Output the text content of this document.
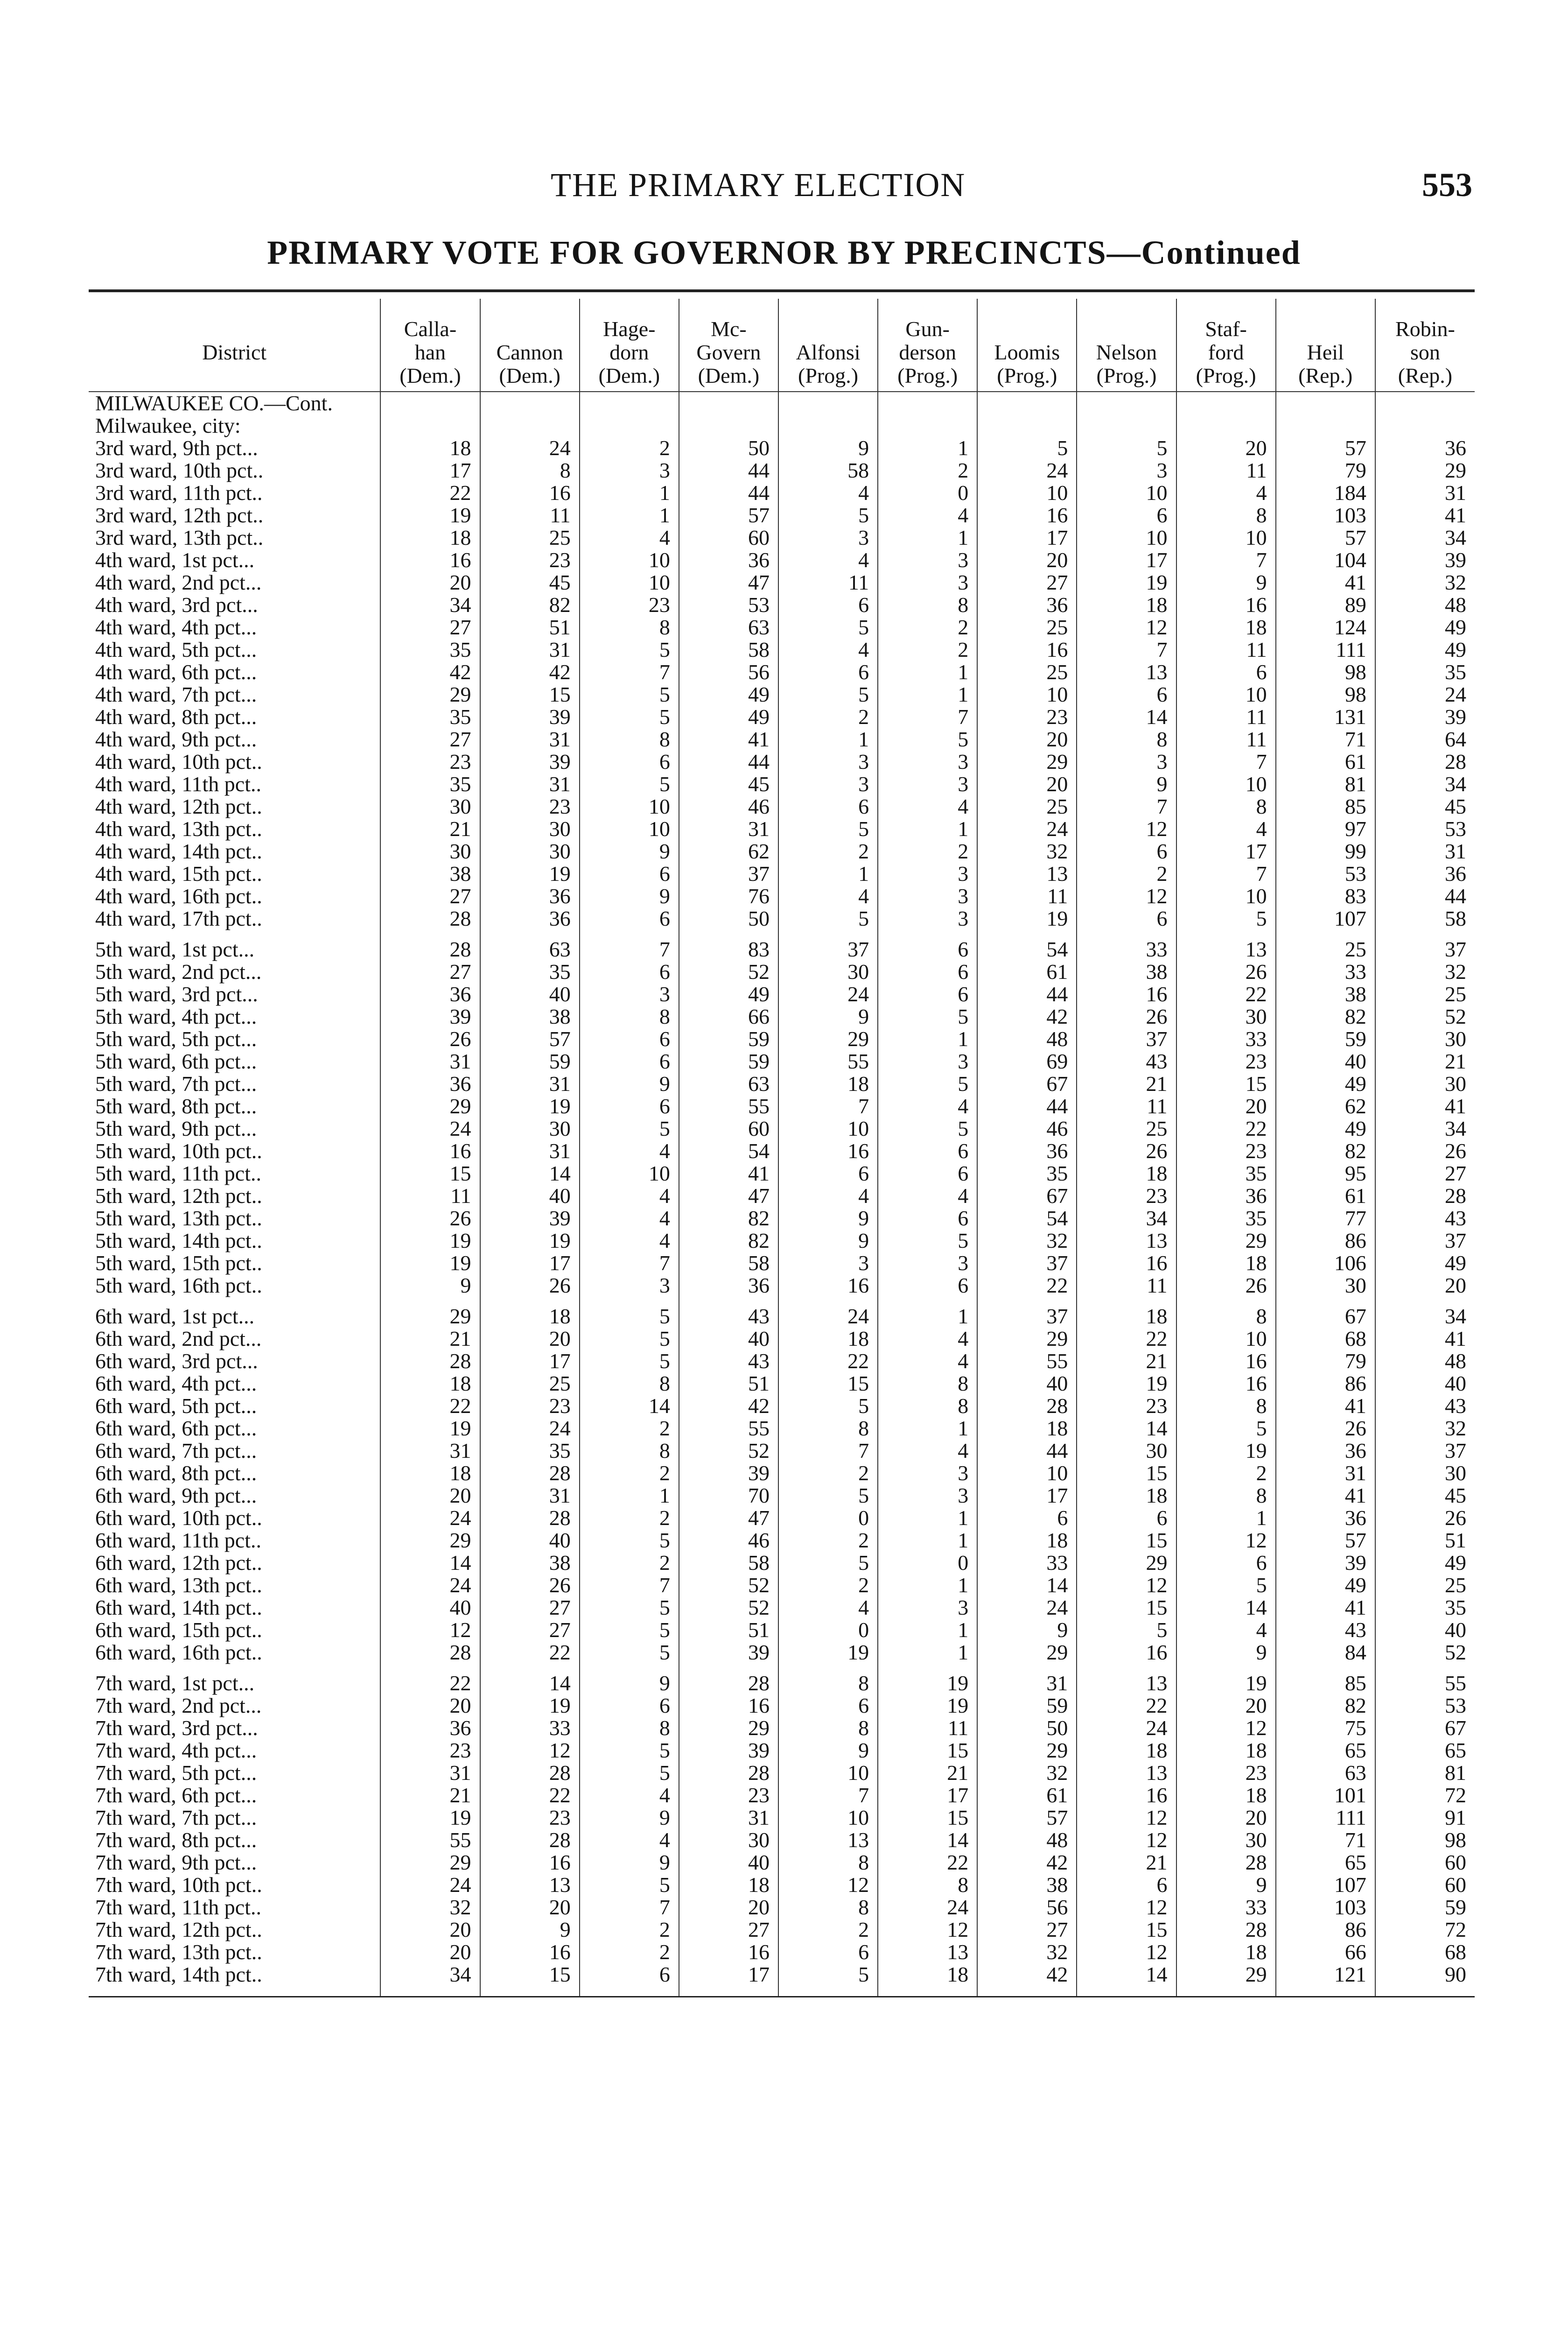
THE PRIMARY ELECTION	553
PRIMARY VOTE FOR GOVERNOR BY PRECINCTS—Continued

District	Calla-
han
(Dem.)	Cannon
(Dem.)	Hage-
dorn
(Dem.)	Mc-
Govern
(Dem.)	Alfonsi
(Prog.)	Gun-
derson
(Prog.)	Loomis
(Prog.)	Nelson
(Prog.)	Staf-
ford
(Prog.)	Heil
(Rep.)	Robin-
son
(Rep.)
MILWAUKEE CO.—Cont.											
Milwaukee, city:											
3rd ward, 9th pct...	18	24	2	50	9	1	5	5	20	57	36
3rd ward, 10th pct..	17	8	3	44	58	2	24	3	11	79	29
3rd ward, 11th pct..	22	16	1	44	4	0	10	10	4	184	31
3rd ward, 12th pct..	19	11	1	57	5	4	16	6	8	103	41
3rd ward, 13th pct..	18	25	4	60	3	1	17	10	10	57	34
4th ward, 1st pct...	16	23	10	36	4	3	20	17	7	104	39
4th ward, 2nd pct...	20	45	10	47	11	3	27	19	9	41	32
4th ward, 3rd pct...	34	82	23	53	6	8	36	18	16	89	48
4th ward, 4th pct...	27	51	8	63	5	2	25	12	18	124	49
4th ward, 5th pct...	35	31	5	58	4	2	16	7	11	111	49
4th ward, 6th pct...	42	42	7	56	6	1	25	13	6	98	35
4th ward, 7th pct...	29	15	5	49	5	1	10	6	10	98	24
4th ward, 8th pct...	35	39	5	49	2	7	23	14	11	131	39
4th ward, 9th pct...	27	31	8	41	1	5	20	8	11	71	64
4th ward, 10th pct..	23	39	6	44	3	3	29	3	7	61	28
4th ward, 11th pct..	35	31	5	45	3	3	20	9	10	81	34
4th ward, 12th pct..	30	23	10	46	6	4	25	7	8	85	45
4th ward, 13th pct..	21	30	10	31	5	1	24	12	4	97	53
4th ward, 14th pct..	30	30	9	62	2	2	32	6	17	99	31
4th ward, 15th pct..	38	19	6	37	1	3	13	2	7	53	36
4th ward, 16th pct..	27	36	9	76	4	3	11	12	10	83	44
4th ward, 17th pct..	28	36	6	50	5	3	19	6	5	107	58

5th ward, 1st pct...	28	63	7	83	37	6	54	33	13	25	37
5th ward, 2nd pct...	27	35	6	52	30	6	61	38	26	33	32
5th ward, 3rd pct...	36	40	3	49	24	6	44	16	22	38	25
5th ward, 4th pct...	39	38	8	66	9	5	42	26	30	82	52
5th ward, 5th pct...	26	57	6	59	29	1	48	37	33	59	30
5th ward, 6th pct...	31	59	6	59	55	3	69	43	23	40	21
5th ward, 7th pct...	36	31	9	63	18	5	67	21	15	49	30
5th ward, 8th pct...	29	19	6	55	7	4	44	11	20	62	41
5th ward, 9th pct...	24	30	5	60	10	5	46	25	22	49	34
5th ward, 10th pct..	16	31	4	54	16	6	36	26	23	82	26
5th ward, 11th pct..	15	14	10	41	6	6	35	18	35	95	27
5th ward, 12th pct..	11	40	4	47	4	4	67	23	36	61	28
5th ward, 13th pct..	26	39	4	82	9	6	54	34	35	77	43
5th ward, 14th pct..	19	19	4	82	9	5	32	13	29	86	37
5th ward, 15th pct..	19	17	7	58	3	3	37	16	18	106	49
5th ward, 16th pct..	9	26	3	36	16	6	22	11	26	30	20

6th ward, 1st pct...	29	18	5	43	24	1	37	18	8	67	34
6th ward, 2nd pct...	21	20	5	40	18	4	29	22	10	68	41
6th ward, 3rd pct...	28	17	5	43	22	4	55	21	16	79	48
6th ward, 4th pct...	18	25	8	51	15	8	40	19	16	86	40
6th ward, 5th pct...	22	23	14	42	5	8	28	23	8	41	43
6th ward, 6th pct...	19	24	2	55	8	1	18	14	5	26	32
6th ward, 7th pct...	31	35	8	52	7	4	44	30	19	36	37
6th ward, 8th pct...	18	28	2	39	2	3	10	15	2	31	30
6th ward, 9th pct...	20	31	1	70	5	3	17	18	8	41	45
6th ward, 10th pct..	24	28	2	47	0	1	6	6	1	36	26
6th ward, 11th pct..	29	40	5	46	2	1	18	15	12	57	51
6th ward, 12th pct..	14	38	2	58	5	0	33	29	6	39	49
6th ward, 13th pct..	24	26	7	52	2	1	14	12	5	49	25
6th ward, 14th pct..	40	27	5	52	4	3	24	15	14	41	35
6th ward, 15th pct..	12	27	5	51	0	1	9	5	4	43	40
6th ward, 16th pct..	28	22	5	39	19	1	29	16	9	84	52

7th ward, 1st pct...	22	14	9	28	8	19	31	13	19	85	55
7th ward, 2nd pct...	20	19	6	16	6	19	59	22	20	82	53
7th ward, 3rd pct...	36	33	8	29	8	11	50	24	12	75	67
7th ward, 4th pct...	23	12	5	39	9	15	29	18	18	65	65
7th ward, 5th pct...	31	28	5	28	10	21	32	13	23	63	81
7th ward, 6th pct...	21	22	4	23	7	17	61	16	18	101	72
7th ward, 7th pct...	19	23	9	31	10	15	57	12	20	111	91
7th ward, 8th pct...	55	28	4	30	13	14	48	12	30	71	98
7th ward, 9th pct...	29	16	9	40	8	22	42	21	28	65	60
7th ward, 10th pct..	24	13	5	18	12	8	38	6	9	107	60
7th ward, 11th pct..	32	20	7	20	8	24	56	12	33	103	59
7th ward, 12th pct..	20	9	2	27	2	12	27	15	28	86	72
7th ward, 13th pct..	20	16	2	16	6	13	32	12	18	66	68
7th ward, 14th pct..	34	15	6	17	5	18	42	14	29	121	90
